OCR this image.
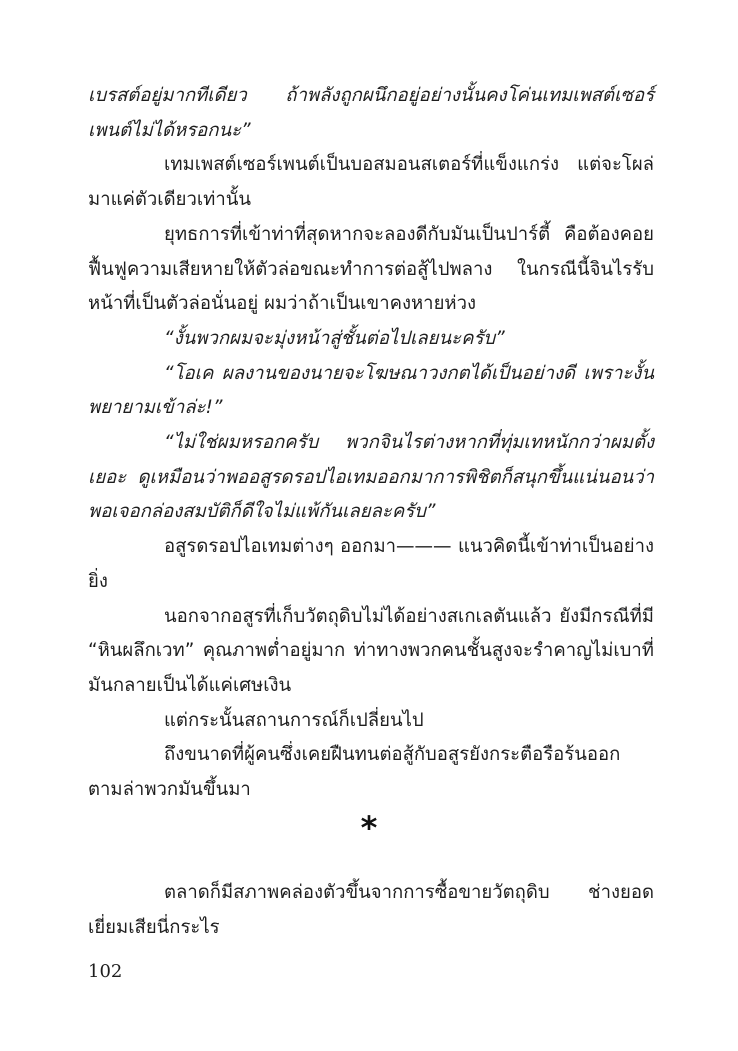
เบรสต์อยู่มากทีเดียว ถ้าพลังถูกผนึกอยู่อย่างนั้นคงโค่นเทมเพสต์เซอร์เพนต์ไม่ได้หรอกนะ”

เทมเพสต์เซอร์เพนต์เป็นบอสมอนสเตอร์ที่แข็งแกร่ง แต่จะโผล่มาแค่ตัวเดียวเท่านั้น

ยุทธการที่เข้าท่าที่สุดหากจะลองดีกับมันเป็นปาร์ตี้ คือต้องคอยฟื้นฟูความเสียหายให้ตัวล่อขณะทำการต่อสู้ไปพลาง ในกรณีนี้จินไรรับหน้าที่เป็นตัวล่อนั่นอยู่ ผมว่าถ้าเป็นเขาคงหายห่วง

“งั้นพวกผมจะมุ่งหน้าสู่ชั้นต่อไปเลยนะครับ”

“โอเค ผลงานของนายจะโฆษณาวงกตได้เป็นอย่างดี เพราะงั้นพยายามเข้าล่ะ!”

“ไม่ใช่ผมหรอกครับ พวกจินไรต่างหากที่ทุ่มเทหนักกว่าผมตั้งเยอะ ดูเหมือนว่าพออสูรดรอปไอเทมออกมาการพิชิตก็สนุกขึ้นแน่นอนว่าพอเจอกล่องสมบัติก็ดีใจไม่แพ้กันเลยละครับ”

อสูรดรอปไอเทมต่างๆ ออกมา——— แนวคิดนี้เข้าท่าเป็นอย่างยิ่ง

นอกจากอสูรที่เก็บวัตถุดิบไม่ได้อย่างสเกเลตันแล้ว ยังมีกรณีที่มี “หินผลึกเวท” คุณภาพต่ำอยู่มาก ท่าทางพวกคนชั้นสูงจะรำคาญไม่เบาที่มันกลายเป็นได้แค่เศษเงิน

แต่กระนั้นสถานการณ์ก็เปลี่ยนไป

ถึงขนาดที่ผู้คนซึ่งเคยฝืนทนต่อสู้กับอสูรยังกระตือรือร้นออกตามล่าพวกมันขึ้นมา

*

ตลาดก็มีสภาพคล่องตัวขึ้นจากการซื้อขายวัตถุดิบ ช่างยอดเยี่ยมเสียนี่กระไร

102
